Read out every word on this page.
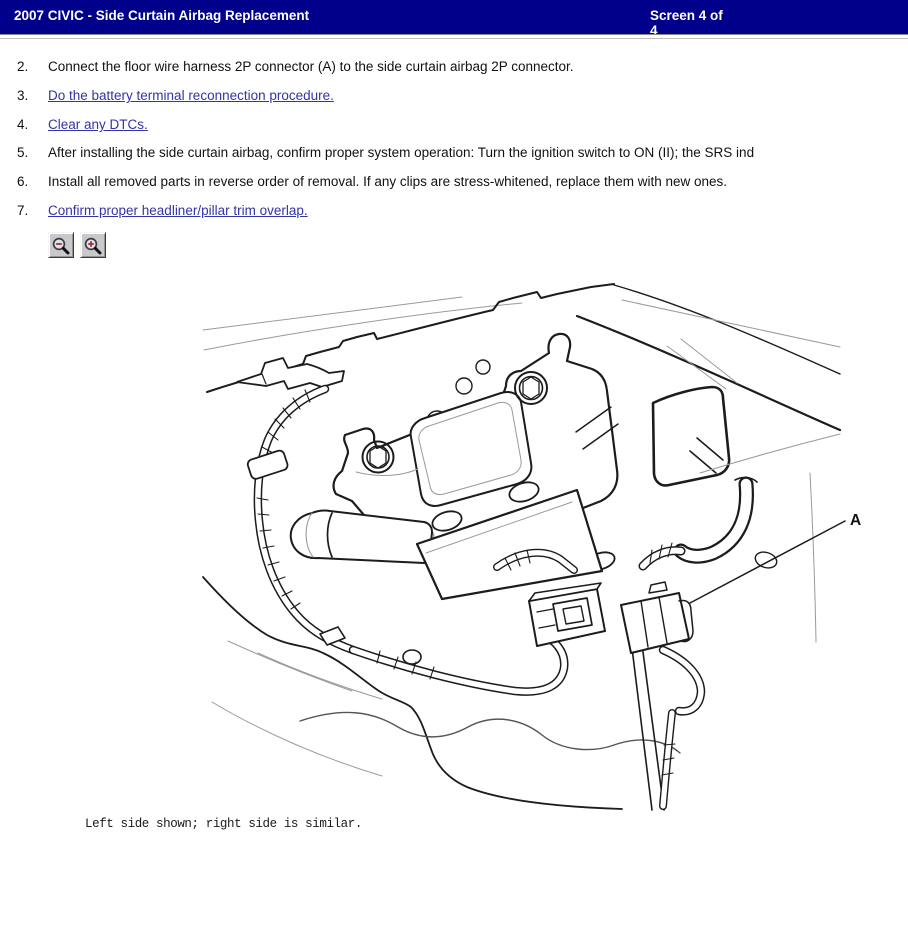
A
2007 CIVIC - Side Curtain Airbag Replacement	Screen 4 of 4
2. Connect the floor wire harness 2P connector (A) to the side curtain airbag 2P connector.
3. Do the battery terminal reconnection procedure.
4. Clear any DTCs.
5. After installing the side curtain airbag, confirm proper system operation: Turn the ignition switch to ON (II); the SRS ind
6. Install all removed parts in reverse order of removal. If any clips are stress-whitened, replace them with new ones.
7. Confirm proper headliner/pillar trim overlap.
Left side shown; right side is similar.
